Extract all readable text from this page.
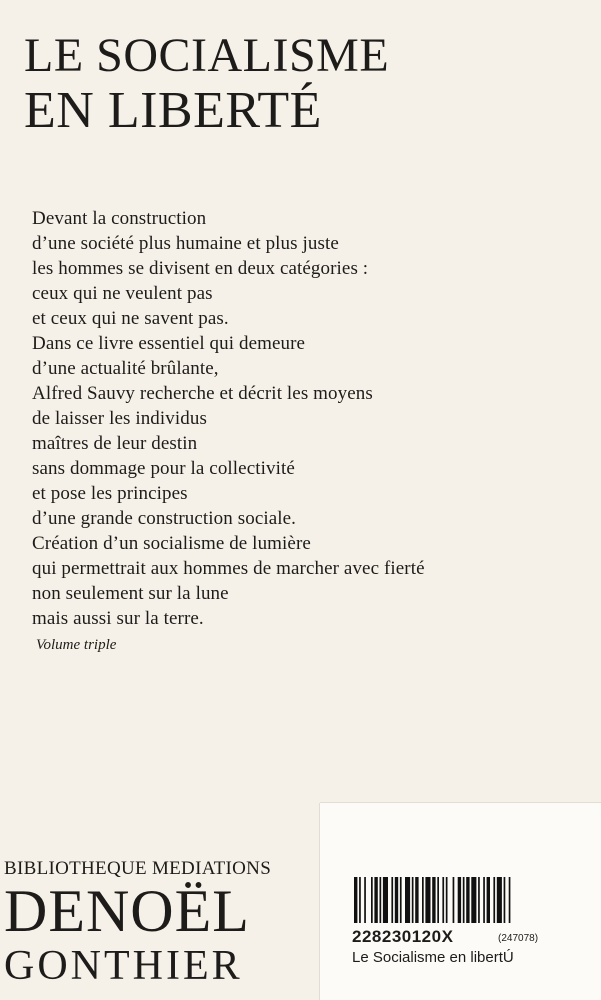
LE SOCIALISME
EN LIBERTÉ
Devant la construction
d’une société plus humaine et plus juste
les hommes se divisent en deux catégories :
ceux qui ne veulent pas
et ceux qui ne savent pas.
Dans ce livre essentiel qui demeure
d’une actualité brûlante,
Alfred Sauvy recherche et décrit les moyens
de laisser les individus
maîtres de leur destin
sans dommage pour la collectivité
et pose les principes
d’une grande construction sociale.
Création d’un socialisme de lumière
qui permettrait aux hommes de marcher avec fierté
non seulement sur la lune
mais aussi sur la terre.
Volume triple
BIBLIOTHEQUE MEDIATIONS
DENOËL
GONTHIER
228230120X	(247078)
Le Socialisme en libertÚ
